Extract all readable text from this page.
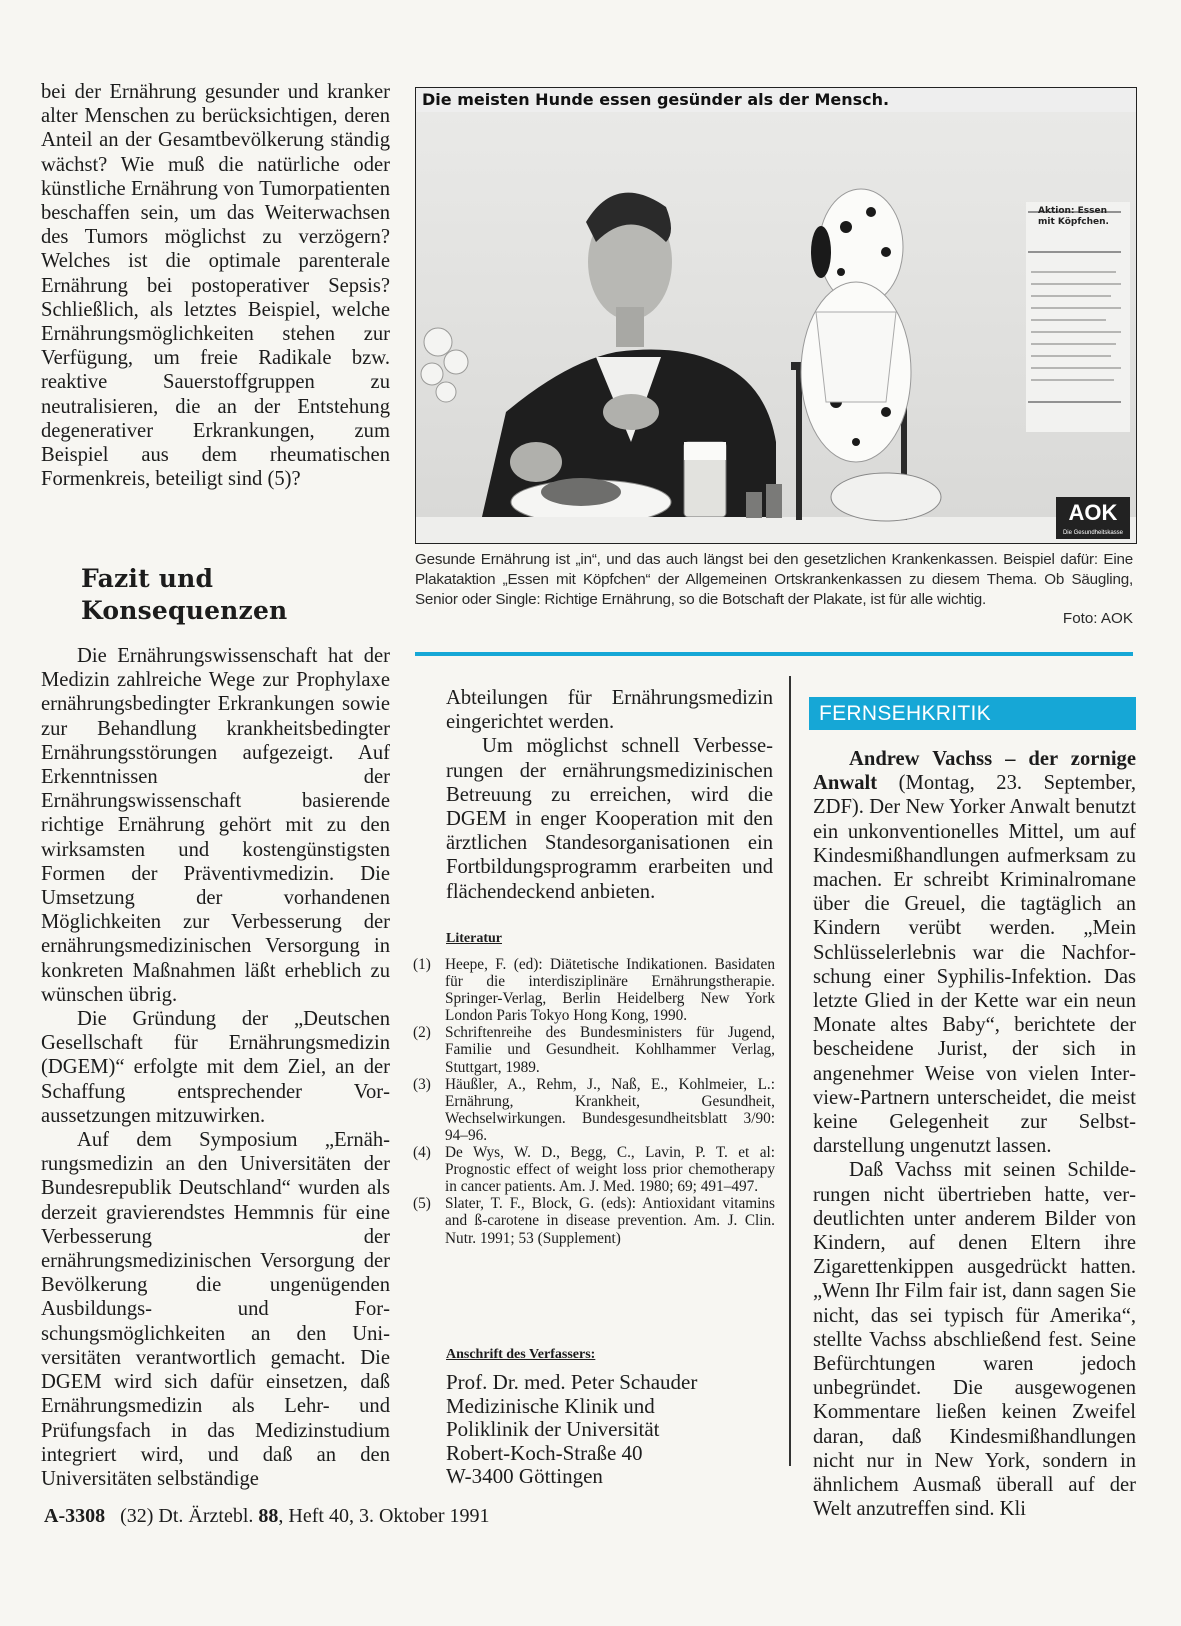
bei der Ernährung gesunder und kranker alter Menschen zu berücksichtigen, deren Anteil an der Gesamtbevölkerung ständig wächst? Wie muß die natürliche oder künstliche Ernährung von Tumorpatienten beschaffen sein, um das Weiterwachsen des Tumors möglichst zu verzögern? Welches ist die optimale parenterale Ernährung bei postoperativer Sepsis? Schließlich, als letztes Beispiel, welche Ernährungsmöglichkeiten stehen zur Verfügung, um freie Radikale bzw. reaktive Sauerstoffgruppen zu neutralisieren, die an der Entstehung degenerativer Erkrankungen, zum Beispiel aus dem rheumatischen Formenkreis, beteiligt sind (5)?

Fazit und
Konsequenzen

Die Ernährungswissenschaft hat der Medizin zahlreiche Wege zur Prophylaxe ernährungsbedingter Erkrankungen sowie zur Behandlung krankheitsbedingter Ernährungsstörungen aufgezeigt. Auf Erkenntnissen der Ernährungswissenschaft basierende richtige Ernährung gehört mit zu den wirksamsten und kostengünstigsten Formen der Präventivmedizin. Die Umsetzung der vorhandenen Möglichkeiten zur Verbesserung der ernährungsmedizinischen Versorgung in konkreten Maßnahmen läßt erheblich zu wünschen übrig.

Die Gründung der „Deutschen Gesellschaft für Ernährungsmedizin (DGEM)“ erfolgte mit dem Ziel, an der Schaffung entsprechender Voraussetzungen mitzuwirken.

Auf dem Symposium „Ernährungsmedizin an den Universitäten der Bundesrepublik Deutschland“ wurden als derzeit gravierendstes Hemmnis für eine Verbesserung der ernährungsmedizinischen Versorgung der Bevölkerung die ungenügenden Ausbildungs- und Forschungsmöglichkeiten an den Universitäten verantwortlich gemacht. Die DGEM wird sich dafür einsetzen, daß Ernährungsmedizin als Lehr- und Prüfungsfach in das Medizinstudium integriert wird, und daß an den Universitäten selbständige

Die meisten Hunde essen gesünder als der Mensch.
Aktion: Essen mit Köpfchen.
AOK
Die Gesundheitskasse
Gesunde Ernährung ist „in“, und das auch längst bei den gesetzlichen Krankenkassen. Beispiel dafür: Eine Plakataktion „Essen mit Köpfchen“ der Allgemeinen Ortskrankenkassen zu diesem Thema. Ob Säugling, Senior oder Single: Richtige Ernährung, so die Botschaft der Plakate, ist für alle wichtig.
Foto: AOK

Abteilungen für Ernährungsmedizin eingerichtet werden.

Um möglichst schnell Verbesserungen der ernährungsmedizinischen Betreuung zu erreichen, wird die DGEM in enger Kooperation mit den ärztlichen Standesorganisationen ein Fortbildungsprogramm erarbeiten und flächendeckend anbieten.

Literatur
(1) Heepe, F. (ed): Diätetische Indikationen. Basidaten für die interdisziplinäre Ernährungstherapie. Springer-Verlag, Berlin Heidelberg New York London Paris Tokyo Hong Kong, 1990.
(2) Schriftenreihe des Bundesministers für Jugend, Familie und Gesundheit. Kohlhammer Verlag, Stuttgart, 1989.
(3) Häußler, A., Rehm, J., Naß, E., Kohlmeier, L.: Ernährung, Krankheit, Gesundheit, Wechselwirkungen. Bundesgesundheitsblatt 3/90: 94–96.
(4) De Wys, W. D., Begg, C., Lavin, P. T. et al: Prognostic effect of weight loss prior chemotherapy in cancer patients. Am. J. Med. 1980; 69; 491–497.
(5) Slater, T. F., Block, G. (eds): Antioxidant vitamins and ß-carotene in disease prevention. Am. J. Clin. Nutr. 1991; 53 (Supplement)
Anschrift des Verfassers:
Prof. Dr. med. Peter Schauder
Medizinische Klinik und
Poliklinik der Universität
Robert-Koch-Straße 40
W-3400 Göttingen
FERNSEHKRITIK

Andrew Vachss – der zornige Anwalt (Montag, 23. September, ZDF). Der New Yorker Anwalt benutzt ein unkonventionelles Mittel, um auf Kindesmißhandlungen aufmerksam zu machen. Er schreibt Kriminalromane über die Greuel, die tagtäglich an Kindern verübt werden. „Mein Schlüsselerlebnis war die Nachforschung einer Syphilis-Infektion. Das letzte Glied in der Kette war ein neun Monate altes Baby“, berichtete der bescheidene Jurist, der sich in angenehmer Weise von vielen Interview-Partnern unterscheidet, die meist keine Gelegenheit zur Selbstdarstellung ungenutzt lassen.

Daß Vachss mit seinen Schilderungen nicht übertrieben hatte, verdeutlichten unter anderem Bilder von Kindern, auf denen Eltern ihre Zigarettenkippen ausgedrückt hatten. „Wenn Ihr Film fair ist, dann sagen Sie nicht, das sei typisch für Amerika“, stellte Vachss abschließend fest. Seine Befürchtungen waren jedoch unbegründet. Die ausgewogenen Kommentare ließen keinen Zweifel daran, daß Kindesmißhandlungen nicht nur in New York, sondern in ähnlichem Ausmaß überall auf der Welt anzutreffen sind. Kli

A-3308 (32) Dt. Ärztebl. 88, Heft 40, 3. Oktober 1991
